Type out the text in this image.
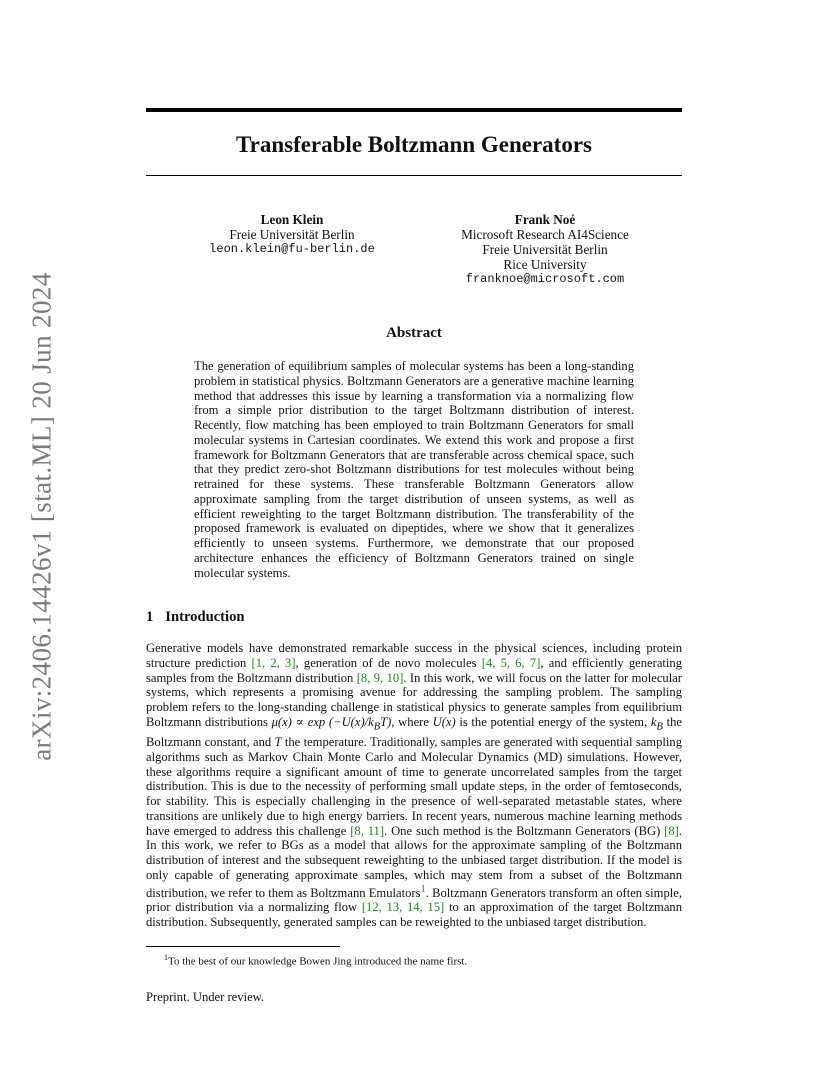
arXiv:2406.14426v1 [stat.ML] 20 Jun 2024
Transferable Boltzmann Generators
Leon Klein
Freie Universität Berlin
leon.klein@fu-berlin.de
Frank Noé
Microsoft Research AI4Science
Freie Universität Berlin
Rice University
franknoe@microsoft.com
Abstract
The generation of equilibrium samples of molecular systems has been a long-standing problem in statistical physics. Boltzmann Generators are a generative machine learning method that addresses this issue by learning a transformation via a normalizing flow from a simple prior distribution to the target Boltzmann distribution of interest. Recently, flow matching has been employed to train Boltzmann Generators for small molecular systems in Cartesian coordinates. We extend this work and propose a first framework for Boltzmann Generators that are transferable across chemical space, such that they predict zero-shot Boltzmann distributions for test molecules without being retrained for these systems. These transferable Boltzmann Generators allow approximate sampling from the target distribution of unseen systems, as well as efficient reweighting to the target Boltzmann distribution. The transferability of the proposed framework is evaluated on dipeptides, where we show that it generalizes efficiently to unseen systems. Furthermore, we demonstrate that our proposed architecture enhances the efficiency of Boltzmann Generators trained on single molecular systems.
1 Introduction
Generative models have demonstrated remarkable success in the physical sciences, including protein structure prediction [1, 2, 3], generation of de novo molecules [4, 5, 6, 7], and efficiently generating samples from the Boltzmann distribution [8, 9, 10]. In this work, we will focus on the latter for molecular systems, which represents a promising avenue for addressing the sampling problem. The sampling problem refers to the long-standing challenge in statistical physics to generate samples from equilibrium Boltzmann distributions $\mu(x) \propto \exp (-U(x)/k_BT)$, where U(x) is the potential energy of the system, $k_B$ the Boltzmann constant, and T the temperature. Traditionally, samples are generated with sequential sampling algorithms such as Markov Chain Monte Carlo and Molecular Dynamics (MD) simulations. However, these algorithms require a significant amount of time to generate uncorrelated samples from the target distribution. This is due to the necessity of performing small update steps, in the order of femtoseconds, for stability. This is especially challenging in the presence of well-separated metastable states, where transitions are unlikely due to high energy barriers. In recent years, numerous machine learning methods have emerged to address this challenge [8, 11]. One such method is the Boltzmann Generators (BG) [8]. In this work, we refer to BGs as a model that allows for the approximate sampling of the Boltzmann distribution of interest and the subsequent reweighting to the unbiased target distribution. If the model is only capable of generating approximate samples, which may stem from a subset of the Boltzmann distribution, we refer to them as Boltzmann Emulators$^1$. Boltzmann Generators transform an often simple, prior distribution via a normalizing flow [12, 13, 14, 15] to an approximation of the target Boltzmann distribution. Subsequently, generated samples can be reweighted to the unbiased target distribution.
$^1$To the best of our knowledge Bowen Jing introduced the name first.
Preprint. Under review.
